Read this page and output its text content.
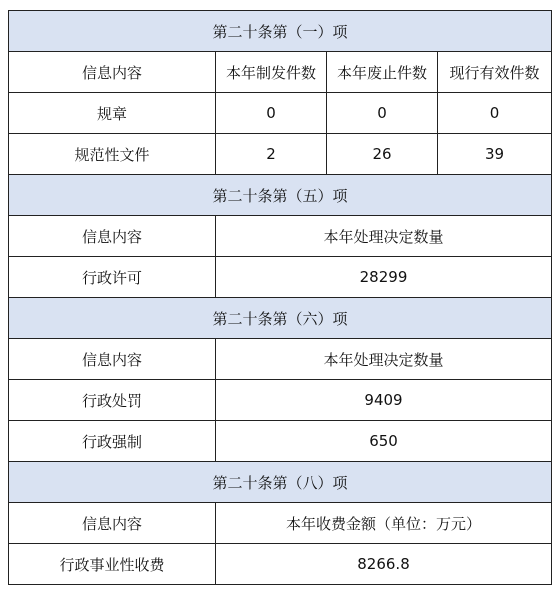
第二十条第（一）项			
信息内容	本年制发件数	本年废止件数	现行有效件数
规章	0	0	0
规范性文件	2	26	39
第二十条第（五）项			
信息内容	本年处理决定数量		
行政许可	28299		
第二十条第（六）项			
信息内容	本年处理决定数量		
行政处罚	9409		
行政强制	650		
第二十条第（八）项			
信息内容	本年收费金额（单位：万元）		
行政事业性收费	8266.8		
